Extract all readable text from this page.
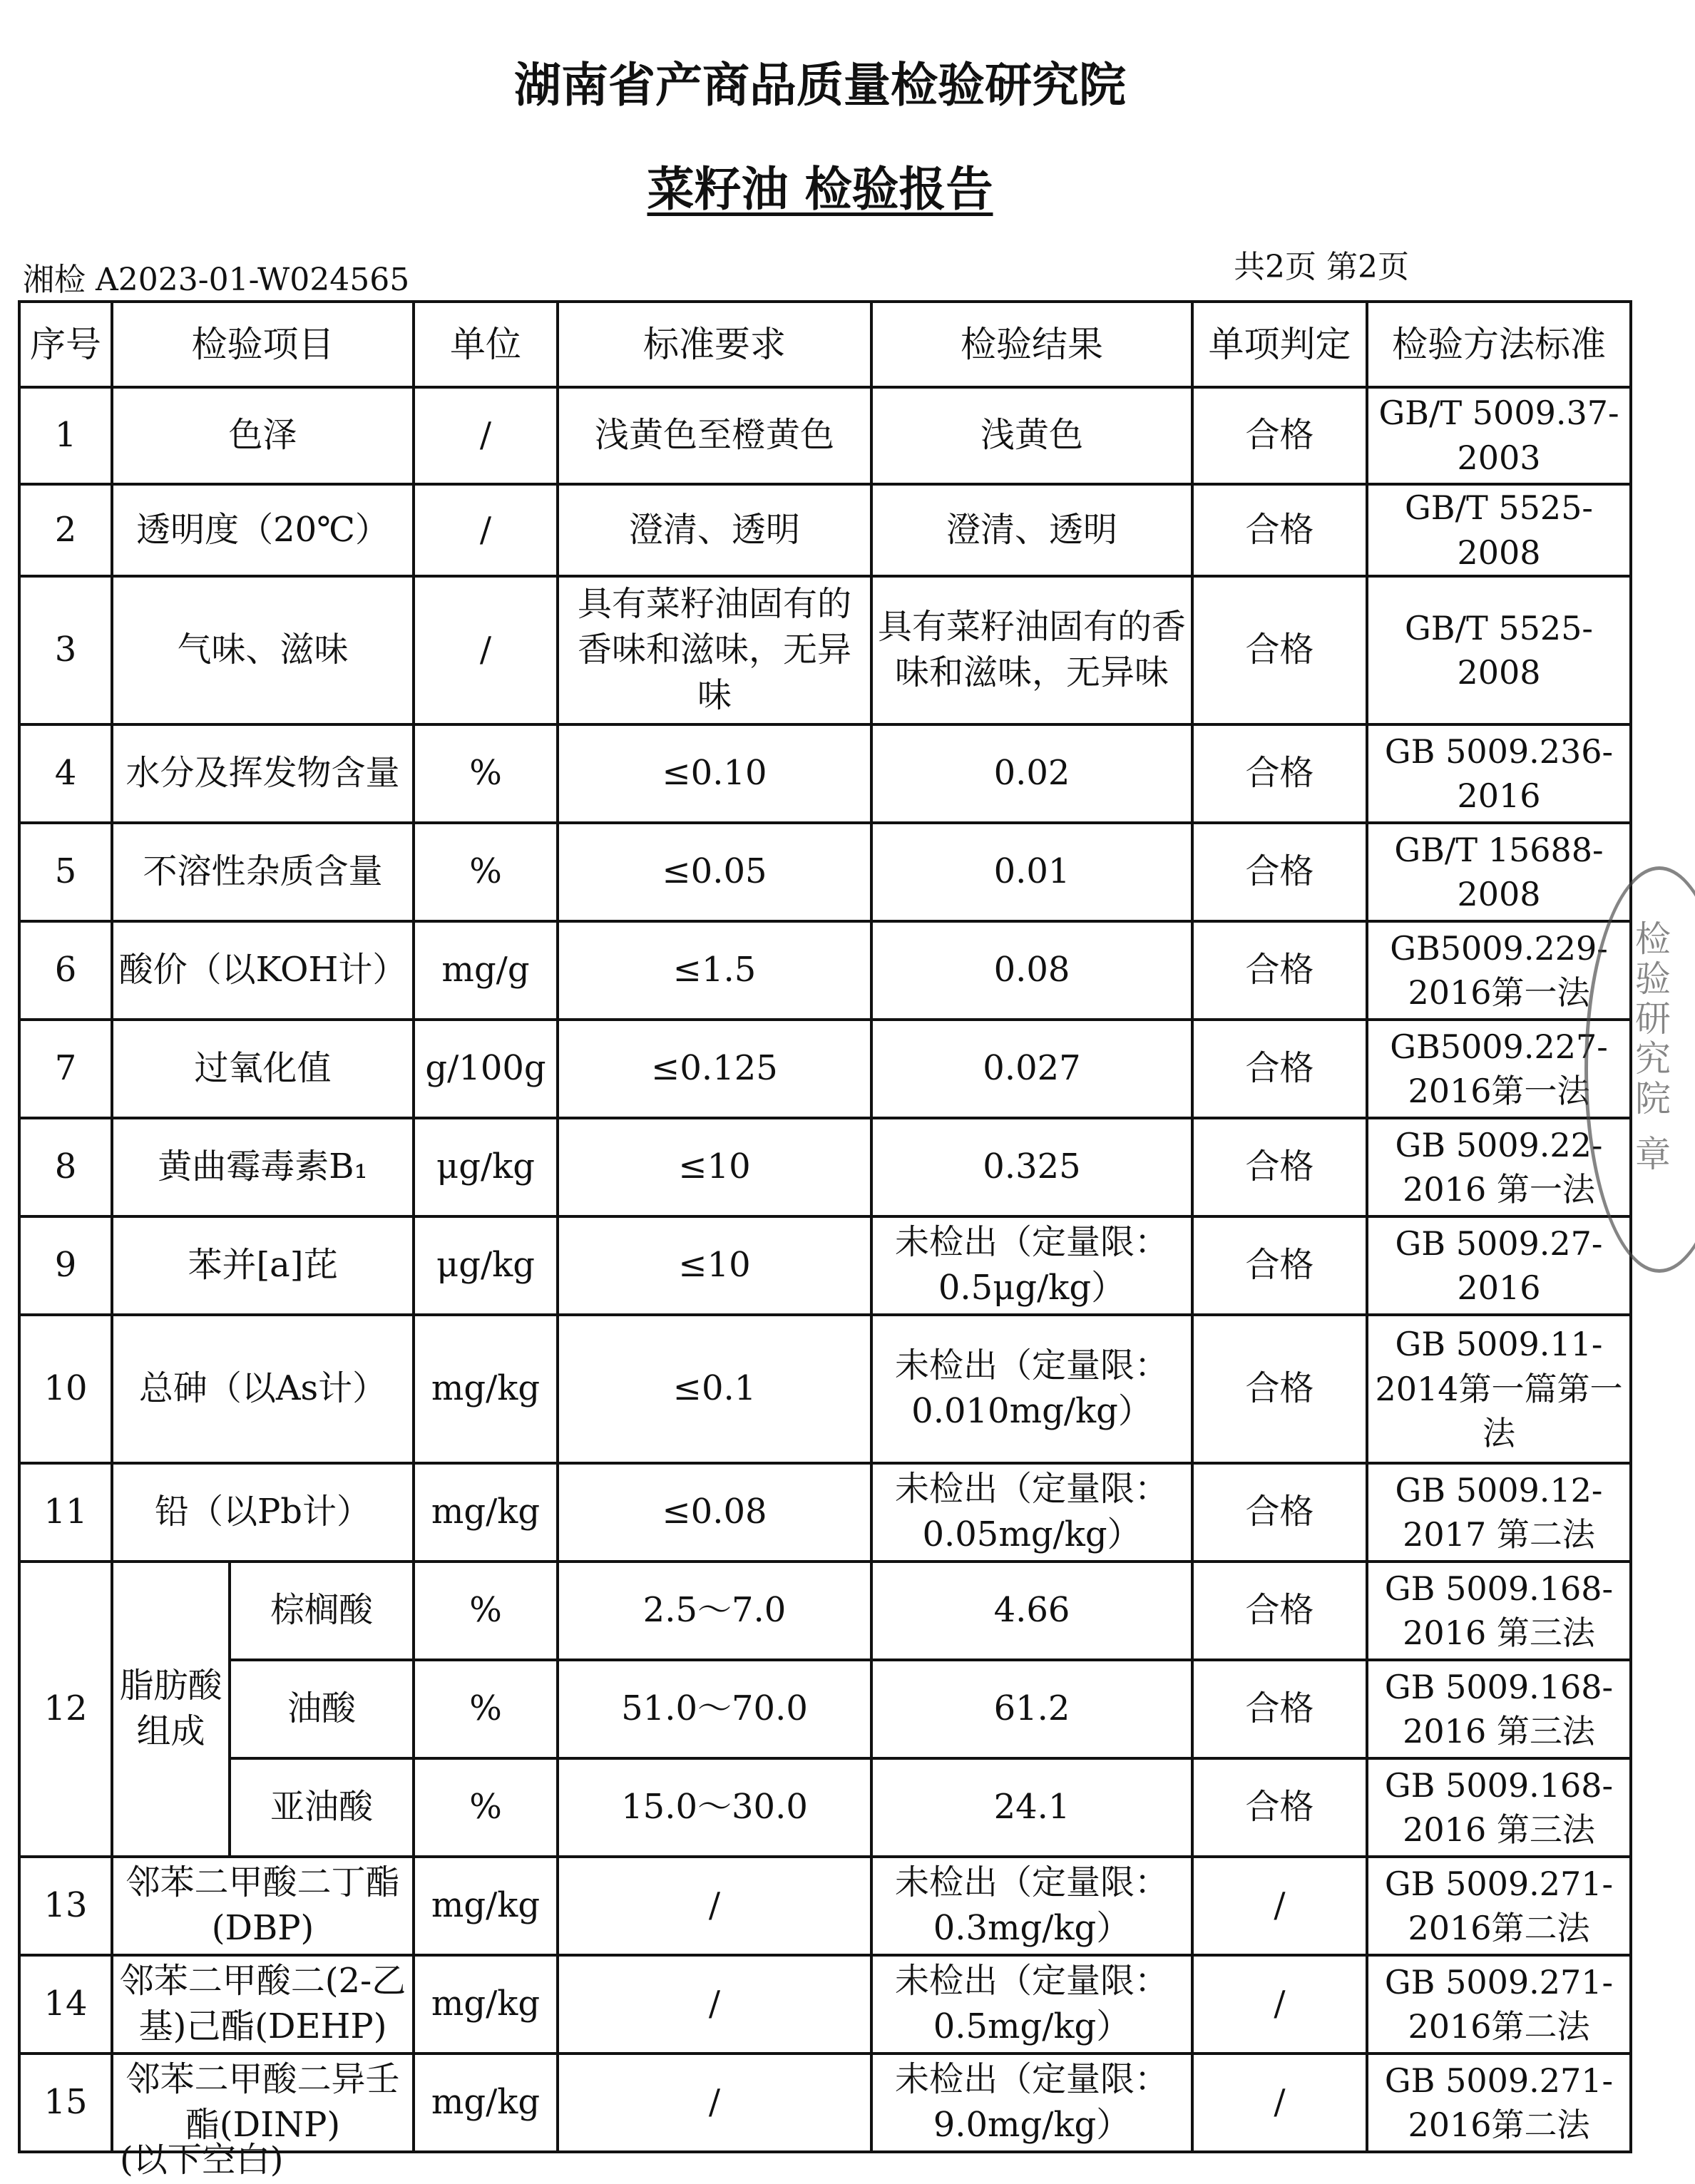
湖南省产商品质量检验研究院
菜籽油 检验报告
湘检 A2023-01-W024565	共2页 第2页
序号	检验项目		单位	标准要求	检验结果	单项判定	检验方法标准
1	色泽		/	浅黄色至橙黄色	浅黄色	合格	GB/T 5009.37-2003
2	透明度（20℃）		/	澄清、透明	澄清、透明	合格	GB/T 5525-2008
3	气味、滋味		/	具有菜籽油固有的香味和滋味，无异味	具有菜籽油固有的香味和滋味，无异味	合格	GB/T 5525-2008
4	水分及挥发物含量		%	≤0.10	0.02	合格	GB 5009.236-2016
5	不溶性杂质含量		%	≤0.05	0.01	合格	GB/T 15688-2008
6	酸价（以KOH计）		mg/g	≤1.5	0.08	合格	GB5009.229-2016第一法
7	过氧化值		g/100g	≤0.125	0.027	合格	GB5009.227-2016第一法
8	黄曲霉毒素B₁		μg/kg	≤10	0.325	合格	GB 5009.22-2016 第一法
9	苯并[a]芘		μg/kg	≤10	未检出（定量限：0.5μg/kg）	合格	GB 5009.27-2016
10	总砷（以As计）		mg/kg	≤0.1	未检出（定量限：0.010mg/kg）	合格	GB 5009.11-2014第一篇第一法
11	铅（以Pb计）		mg/kg	≤0.08	未检出（定量限：0.05mg/kg）	合格	GB 5009.12-2017 第二法
12	脂肪酸组成	棕榈酸	%	2.5～7.0	4.66	合格	GB 5009.168-2016 第三法
		油酸	%	51.0～70.0	61.2	合格	GB 5009.168-2016 第三法
		亚油酸	%	15.0～30.0	24.1	合格	GB 5009.168-2016 第三法
13	邻苯二甲酸二丁酯(DBP)		mg/kg	/	未检出（定量限：0.3mg/kg）	/	GB 5009.271-2016第二法
14	邻苯二甲酸二(2-乙基)己酯(DEHP)		mg/kg	/	未检出（定量限：0.5mg/kg）	/	GB 5009.271-2016第二法
15	邻苯二甲酸二异壬酯(DINP)		mg/kg	/	未检出（定量限：9.0mg/kg）	/	GB 5009.271-2016第二法
(以下空白)
检验研究院 章
